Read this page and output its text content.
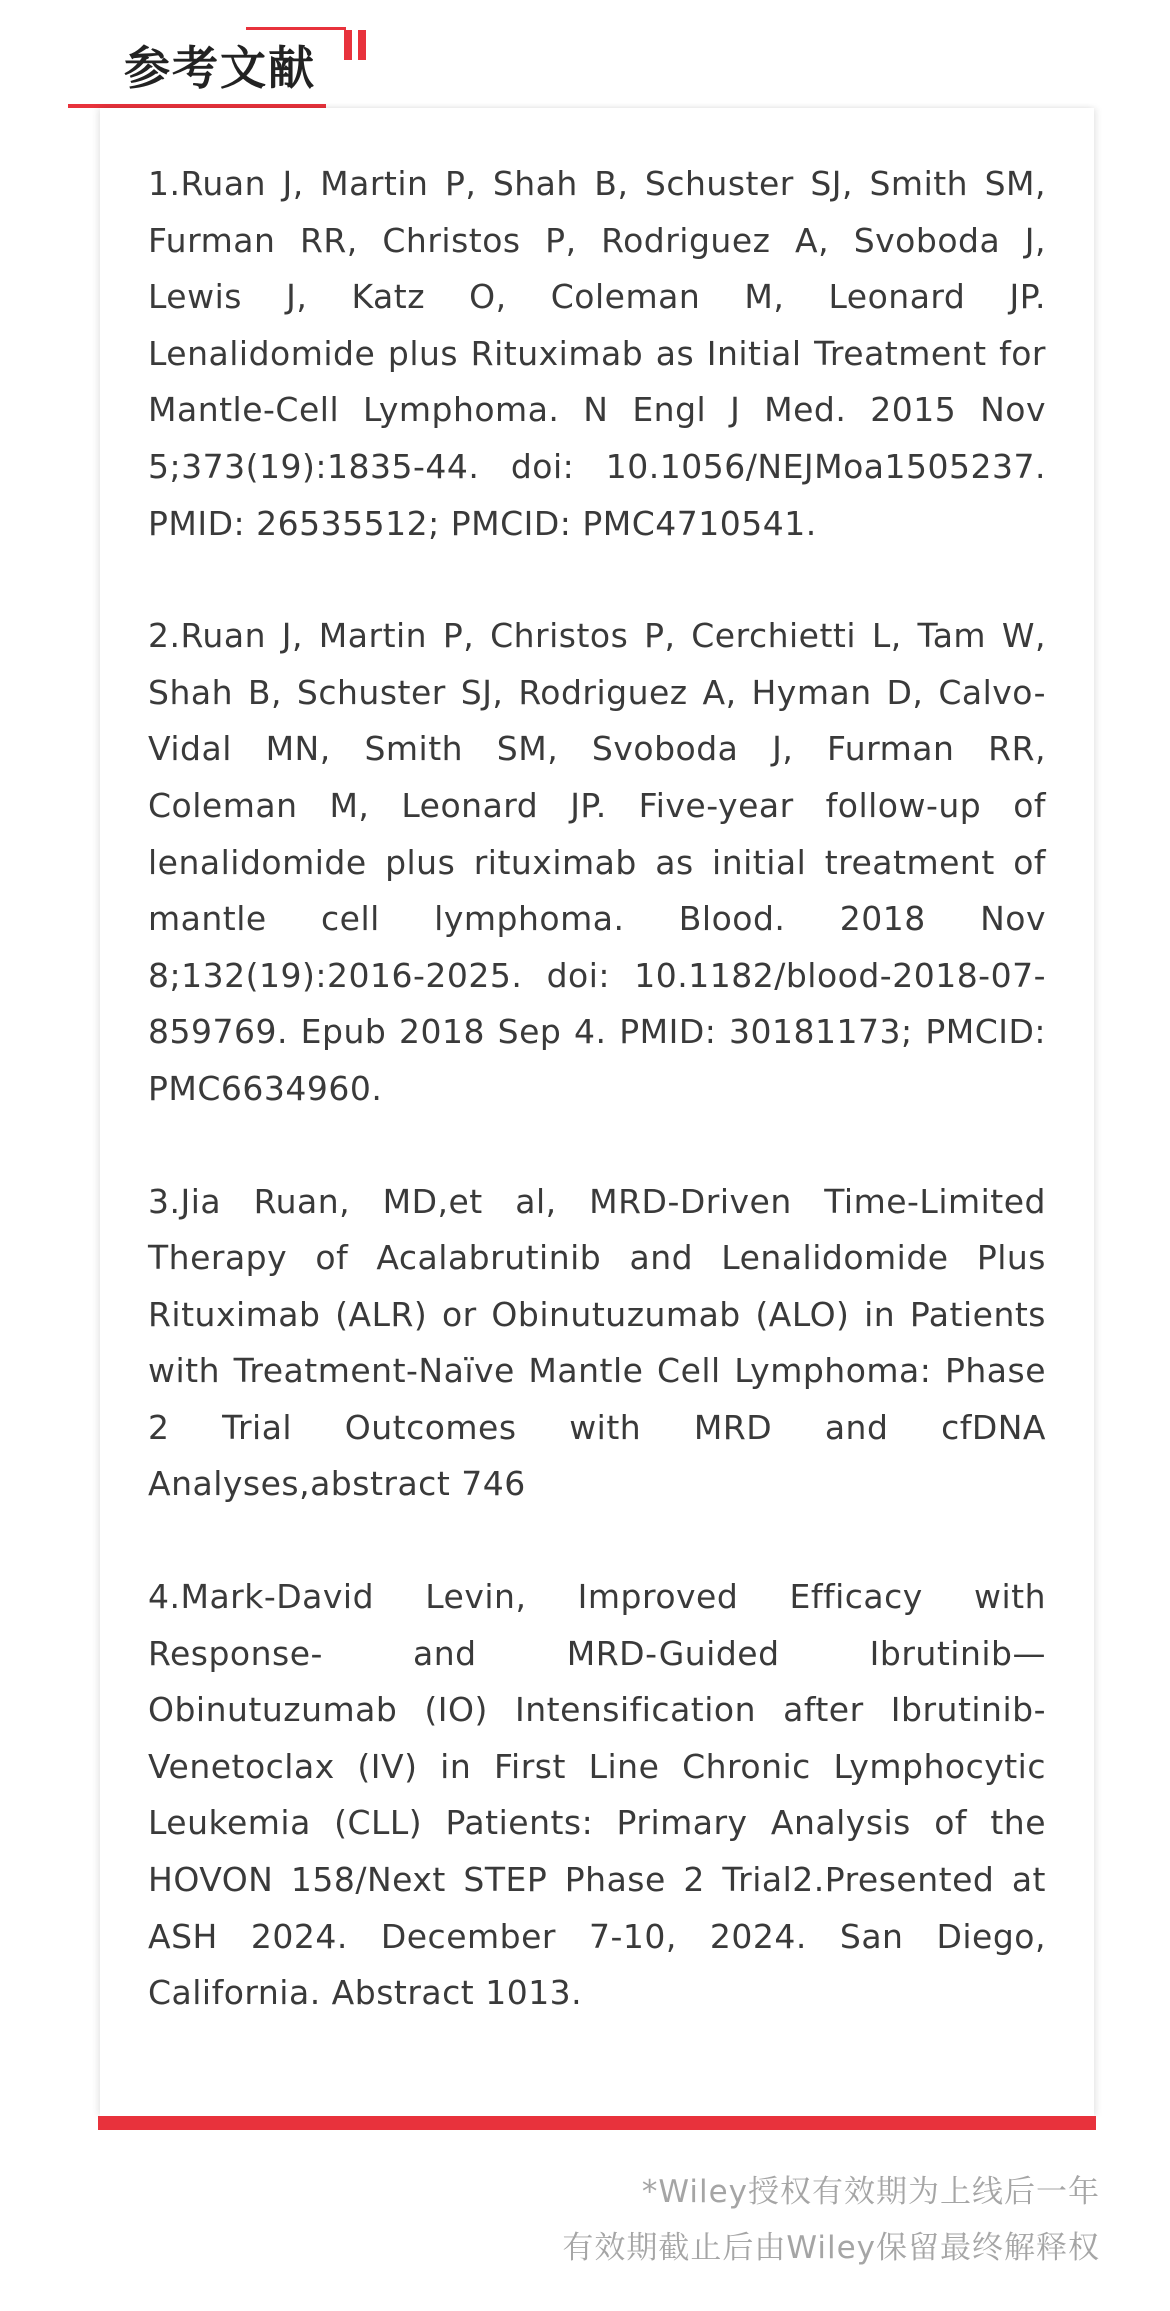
参考文献

1.Ruan J, Martin P, Shah B, Schuster SJ, Smith SM, Furman RR, Christos P, Rodriguez A, Svoboda J, Lewis J, Katz O, Coleman M, Leonard JP. Lenalidomide plus Rituximab as Initial Treatment for Mantle-Cell Lymphoma. N Engl J Med. 2015 Nov 5;373(19):1835-44. doi: 10.1056/NEJMoa1505237. PMID: 26535512; PMCID: PMC4710541.

2.Ruan J, Martin P, Christos P, Cerchietti L, Tam W, Shah B, Schuster SJ, Rodriguez A, Hyman D, Calvo-Vidal MN, Smith SM, Svoboda J, Furman RR, Coleman M, Leonard JP. Five-year follow-up of lenalidomide plus rituximab as initial treatment of mantle cell lymphoma. Blood. 2018 Nov 8;132(19):2016-2025. doi: 10.1182/blood-2018-07-859769. Epub 2018 Sep 4. PMID: 30181173; PMCID: PMC6634960.

3.Jia Ruan, MD,et al, MRD-Driven Time-Limited Therapy of Acalabrutinib and Lenalidomide Plus Rituximab (ALR) or Obinutuzumab (ALO) in Patients with Treatment-Naïve Mantle Cell Lymphoma: Phase 2 Trial Outcomes with MRD and cfDNA Analyses,abstract 746

4.Mark-David Levin, Improved Efficacy with Response- and MRD-Guided Ibrutinib—Obinutuzumab (IO) Intensification after Ibrutinib-Venetoclax (IV) in First Line Chronic Lymphocytic Leukemia (CLL) Patients: Primary Analysis of the HOVON 158/Next STEP Phase 2 Trial2.Presented at ASH 2024. December 7-10, 2024. San Diego, California. Abstract 1013.

*Wiley授权有效期为上线后一年
有效期截止后由Wiley保留最终解释权
